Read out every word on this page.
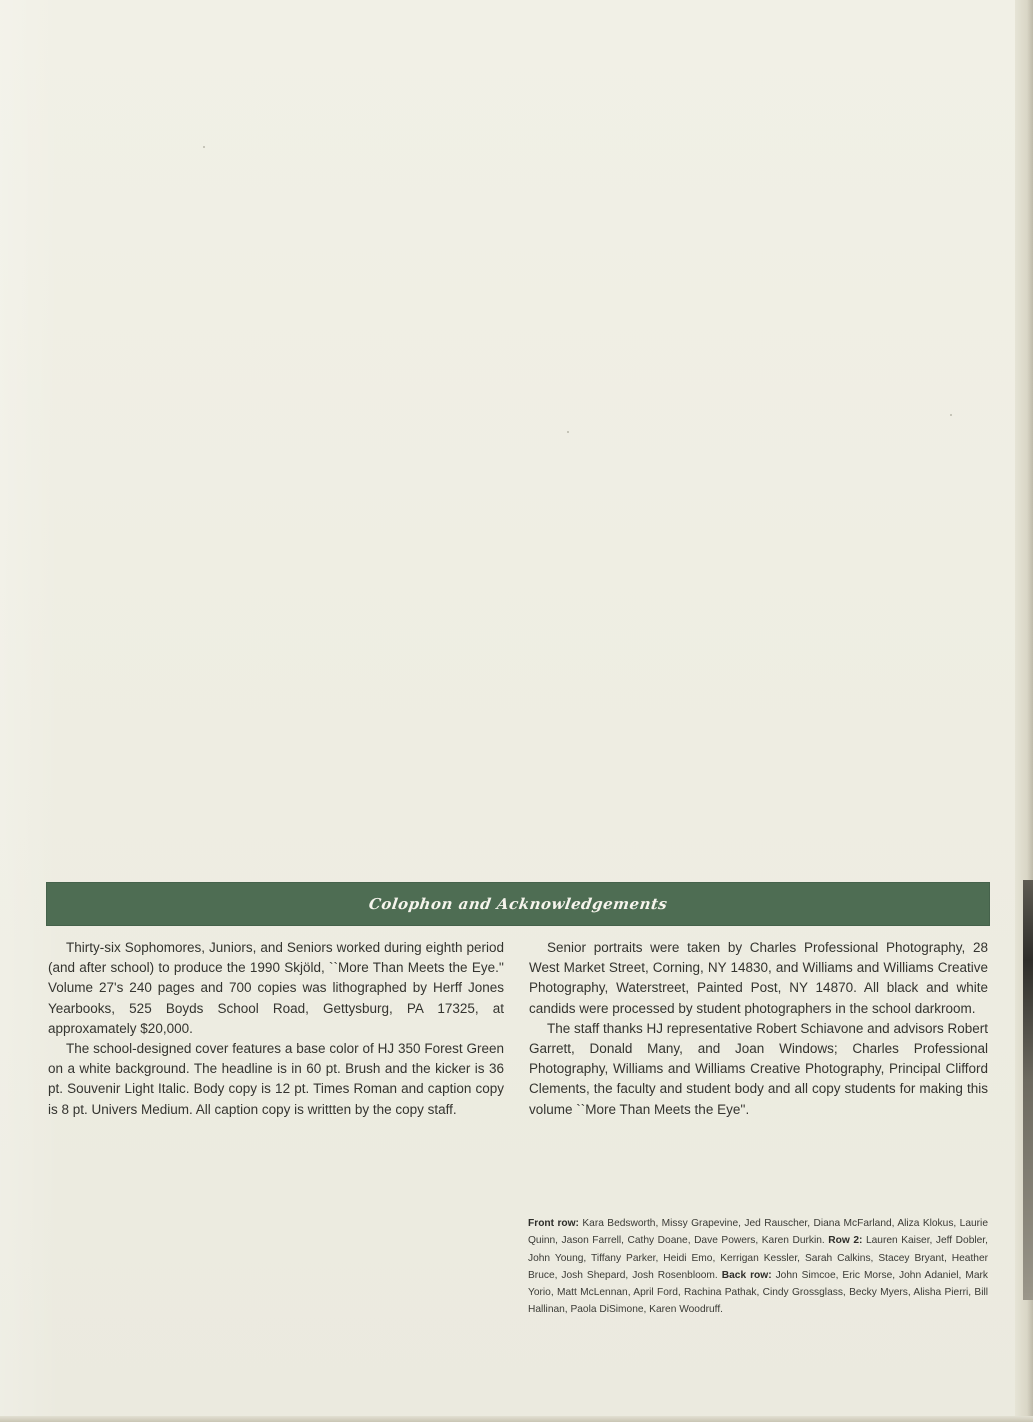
Colophon and Acknowledgements

Thirty-six Sophomores, Juniors, and Seniors worked during eighth period (and after school) to produce the 1990 Skjöld, ``More Than Meets the Eye.'' Volume 27's 240 pages and 700 copies was lithographed by Herff Jones Yearbooks, 525 Boyds School Road, Gettysburg, PA 17325, at approxamately $20,000.

The school-designed cover features a base color of HJ 350 Forest Green on a white background. The headline is in 60 pt. Brush and the kicker is 36 pt. Souvenir Light Italic. Body copy is 12 pt. Times Roman and caption copy is 8 pt. Univers Medium. All caption copy is writtten by the copy staff.

Senior portraits were taken by Charles Professional Photography, 28 West Market Street, Corning, NY 14830, and Williams and Williams Creative Photography, Waterstreet, Painted Post, NY 14870. All black and white candids were processed by student photographers in the school darkroom.

The staff thanks HJ representative Robert Schiavone and advisors Robert Garrett, Donald Many, and Joan Windows; Charles Professional Photography, Williams and Williams Creative Photography, Principal Clifford Clements, the faculty and student body and all copy students for making this volume ``More Than Meets the Eye''.

Front row: Kara Bedsworth, Missy Grapevine, Jed Rauscher, Diana McFarland, Aliza Klokus, Laurie Quinn, Jason Farrell, Cathy Doane, Dave Powers, Karen Durkin. Row 2: Lauren Kaiser, Jeff Dobler, John Young, Tiffany Parker, Heidi Emo, Kerrigan Kessler, Sarah Calkins, Stacey Bryant, Heather Bruce, Josh Shepard, Josh Rosenbloom. Back row: John Simcoe, Eric Morse, John Adaniel, Mark Yorio, Matt McLennan, April Ford, Rachina Pathak, Cindy Grossglass, Becky Myers, Alisha Pierri, Bill Hallinan, Paola DiSimone, Karen Woodruff.
